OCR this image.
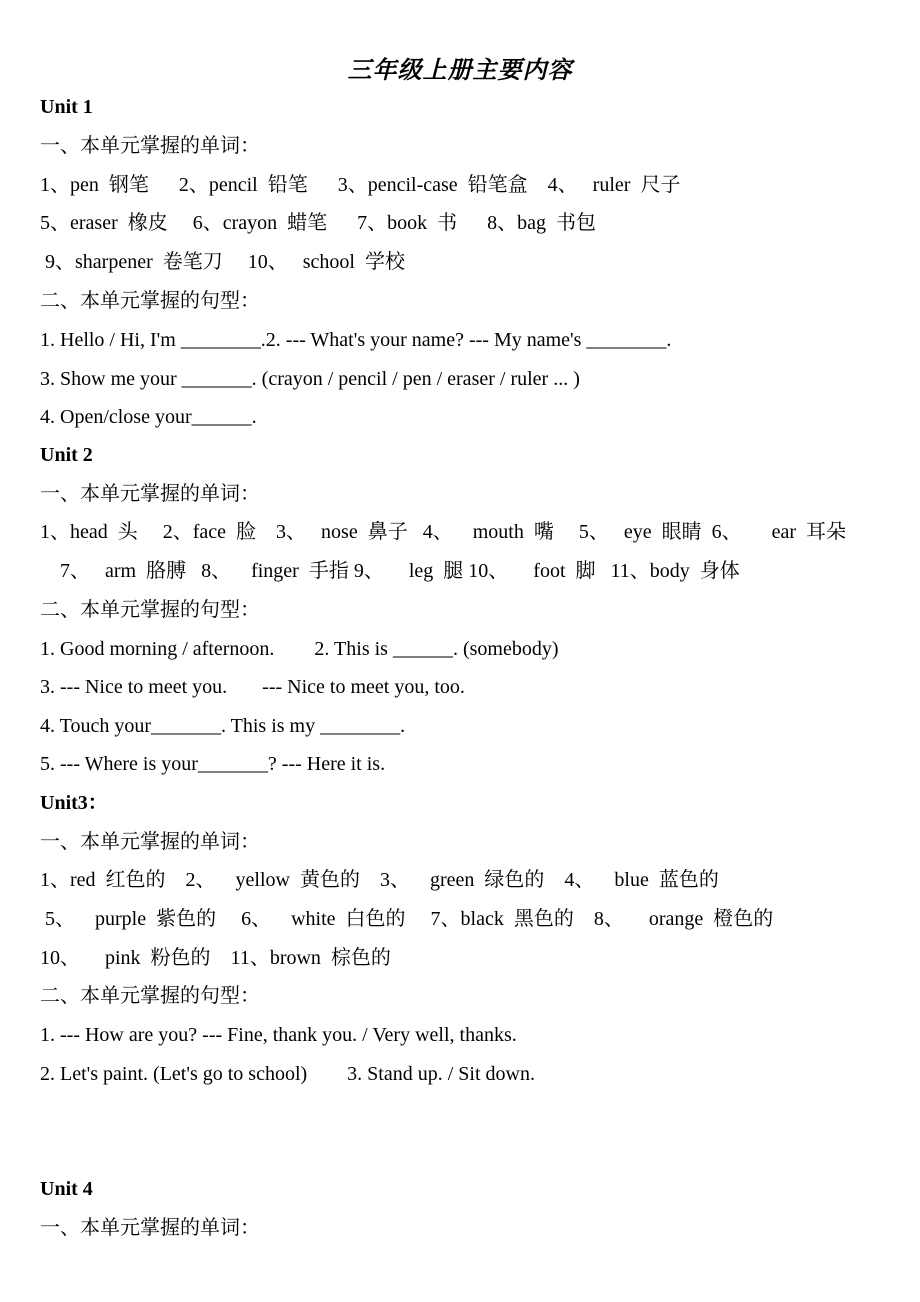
三年级上册主要内容
Unit 1
一、本单元掌握的单词：
1、pen  钢笔      2、pencil  铅笔      3、pencil-case  铅笔盒    4、   ruler  尺子
5、eraser  橡皮     6、crayon  蜡笔      7、book  书      8、bag  书包
9、sharpener  卷笔刀     10、   school  学校
二、本单元掌握的句型：
1. Hello / Hi, I'm ________.2. --- What's your name? --- My name's ________.
3. Show me your _______. (crayon / pencil / pen / eraser / ruler ... )
4. Open/close your______.
Unit 2
一、本单元掌握的单词：
1、head  头     2、face  脸    3、   nose  鼻子   4、    mouth  嘴     5、   eye  眼睛  6、      ear  耳朵
7、   arm  胳膊   8、    finger  手指 9、     leg  腿 10、     foot  脚   11、body  身体
二、本单元掌握的句型：
1. Good morning / afternoon.        2. This is ______. (somebody)
3. --- Nice to meet you.       --- Nice to meet you, too.
4. Touch your_______. This is my ________.
5. --- Where is your_______? --- Here it is.
Unit3：
一、本单元掌握的单词：
1、red  红色的    2、    yellow  黄色的    3、    green  绿色的    4、    blue  蓝色的
5、    purple  紫色的     6、    white  白色的     7、black  黑色的    8、     orange  橙色的
10、     pink  粉色的    11、brown  棕色的
二、本单元掌握的句型：
1. --- How are you? --- Fine, thank you. / Very well, thanks.
2. Let's paint. (Let's go to school)        3. Stand up. / Sit down.
Unit 4
一、本单元掌握的单词：
